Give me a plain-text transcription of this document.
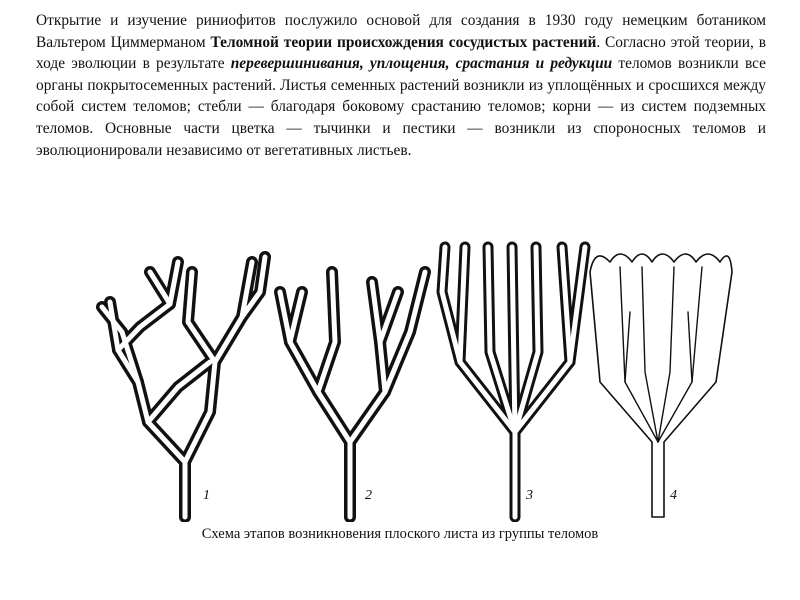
Открытие и изучение риниофитов послужило основой для создания в 1930 году немецким ботаником Вальтером Циммерманом Теломной теории происхождения сосудистых растений. Согласно этой теории, в ходе эволюции в результате перевершинивания, уплощения, срастания и редукции теломов возникли все органы покрытосеменных растений. Листья семенных растений возникли из уплощённых и сросшихся между собой систем теломов; стебли — благодаря боковому срастанию теломов; корни — из систем подземных теломов. Основные части цветка — тычинки и пестики — возникли из спороносных теломов и эволюционировали независимо от вегетативных листьев.
1	2	3	4
Схема этапов возникновения плоского листа из группы теломов
